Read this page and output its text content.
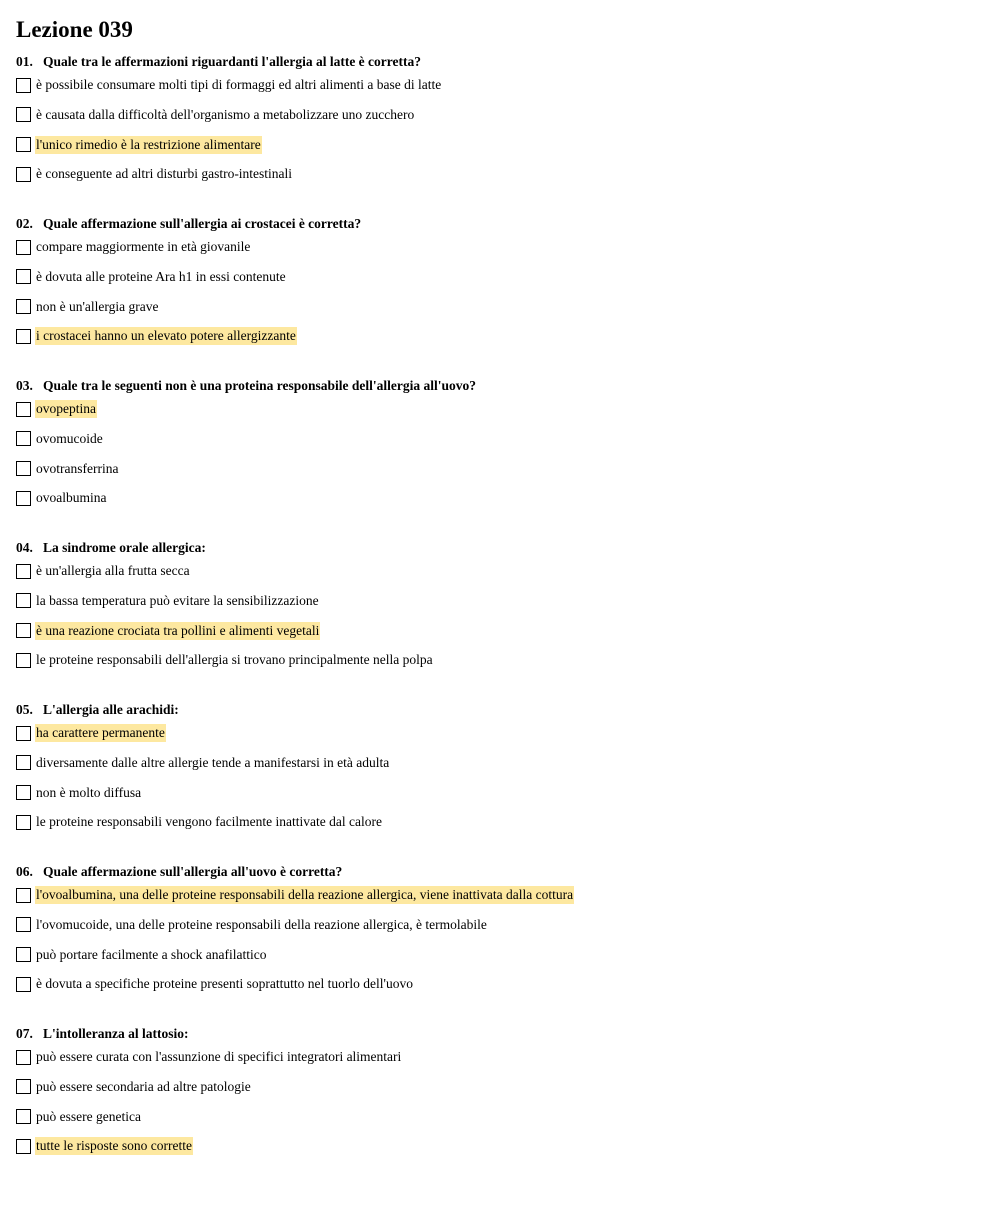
Lezione 039
01. Quale tra le affermazioni riguardanti l'allergia al latte è corretta?
è possibile consumare molti tipi di formaggi ed altri alimenti a base di latte
è causata dalla difficoltà dell'organismo a metabolizzare uno zucchero
l'unico rimedio è la restrizione alimentare
è conseguente ad altri disturbi gastro-intestinali
02. Quale affermazione sull'allergia ai crostacei è corretta?
compare maggiormente in età giovanile
è dovuta alle proteine Ara h1 in essi contenute
non è un'allergia grave
i crostacei hanno un elevato potere allergizzante
03. Quale tra le seguenti non è una proteina responsabile dell'allergia all'uovo?
ovopeptina
ovomucoide
ovotransferrina
ovoalbumina
04. La sindrome orale allergica:
è un'allergia alla frutta secca
la bassa temperatura può evitare la sensibilizzazione
è una reazione crociata tra pollini e alimenti vegetali
le proteine responsabili dell'allergia si trovano principalmente nella polpa
05. L'allergia alle arachidi:
ha carattere permanente
diversamente dalle altre allergie tende a manifestarsi in età adulta
non è molto diffusa
le proteine responsabili vengono facilmente inattivate dal calore
06. Quale affermazione sull'allergia all'uovo è corretta?
l'ovoalbumina, una delle proteine responsabili della reazione allergica, viene inattivata dalla cottura
l'ovomucoide, una delle proteine responsabili della reazione allergica, è termolabile
può portare facilmente a shock anafilattico
è dovuta a specifiche proteine presenti soprattutto nel tuorlo dell'uovo
07. L'intolleranza al lattosio:
può essere curata con l'assunzione di specifici integratori alimentari
può essere secondaria ad altre patologie
può essere genetica
tutte le risposte sono corrette
